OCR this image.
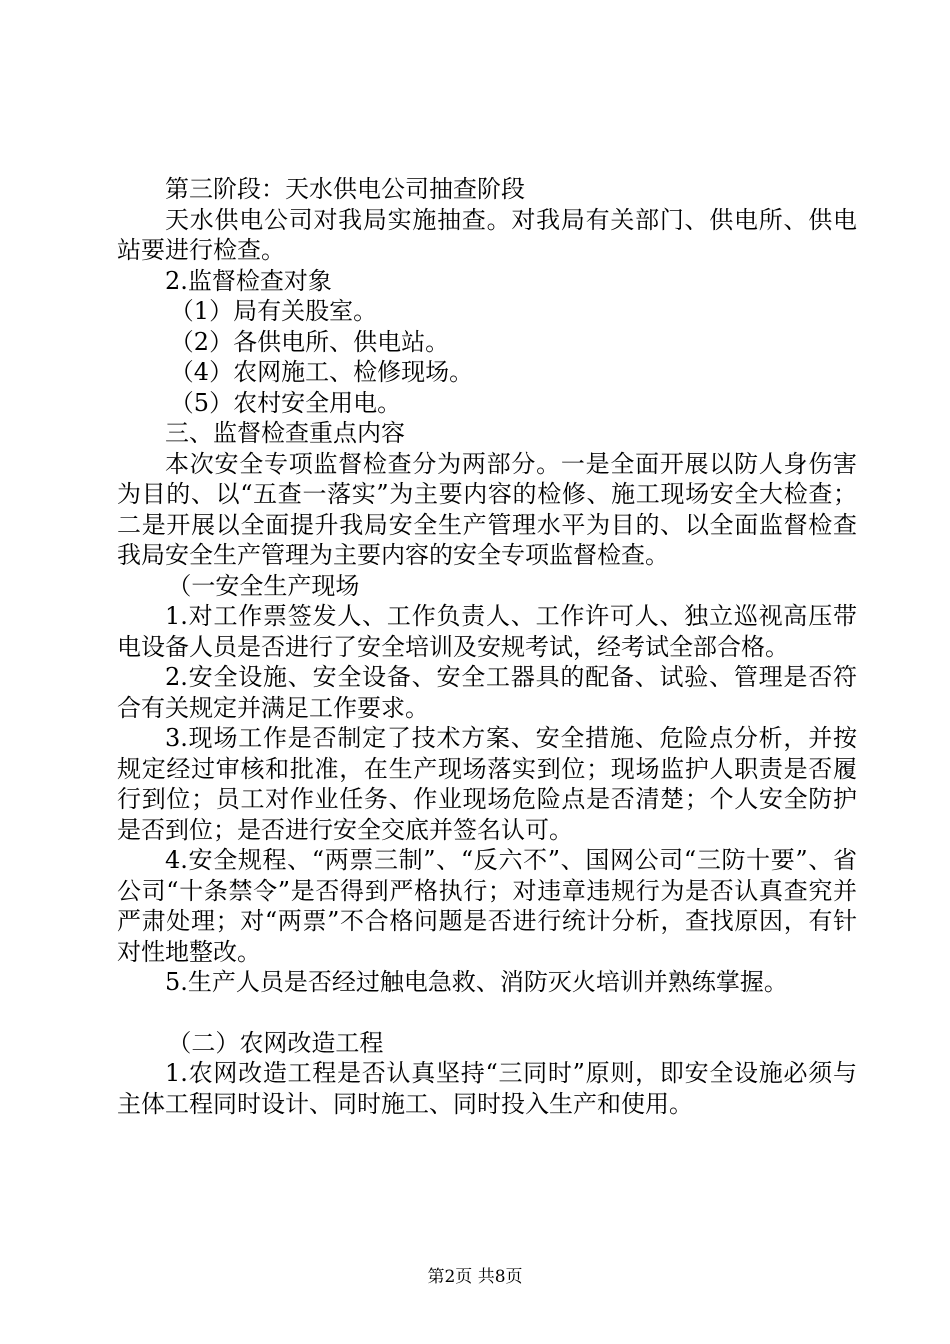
第三阶段：天水供电公司抽查阶段

天水供电公司对我局实施抽查。对我局有关部门、供电所、供电站要进行检查。

2.监督检查对象

（1）局有关股室。

（2）各供电所、供电站。

（4）农网施工、检修现场。

（5）农村安全用电。

三、监督检查重点内容

本次安全专项监督检查分为两部分。一是全面开展以防人身伤害为目的、以“五查一落实”为主要内容的检修、施工现场安全大检查；二是开展以全面提升我局安全生产管理水平为目的、以全面监督检查我局安全生产管理为主要内容的安全专项监督检查。

（一安全生产现场

1.对工作票签发人、工作负责人、工作许可人、独立巡视高压带电设备人员是否进行了安全培训及安规考试，经考试全部合格。

2.安全设施、安全设备、安全工器具的配备、试验、管理是否符合有关规定并满足工作要求。

3.现场工作是否制定了技术方案、安全措施、危险点分析，并按规定经过审核和批准，在生产现场落实到位；现场监护人职责是否履行到位；员工对作业任务、作业现场危险点是否清楚；个人安全防护是否到位；是否进行安全交底并签名认可。

4.安全规程、“两票三制”、“反六不”、国网公司“三防十要”、省公司“十条禁令”是否得到严格执行；对违章违规行为是否认真查究并严肃处理；对“两票”不合格问题是否进行统计分析，查找原因，有针对性地整改。

5.生产人员是否经过触电急救、消防灭火培训并熟练掌握。

（二）农网改造工程

1.农网改造工程是否认真坚持“三同时”原则，即安全设施必须与主体工程同时设计、同时施工、同时投入生产和使用。

第2页 共8页
